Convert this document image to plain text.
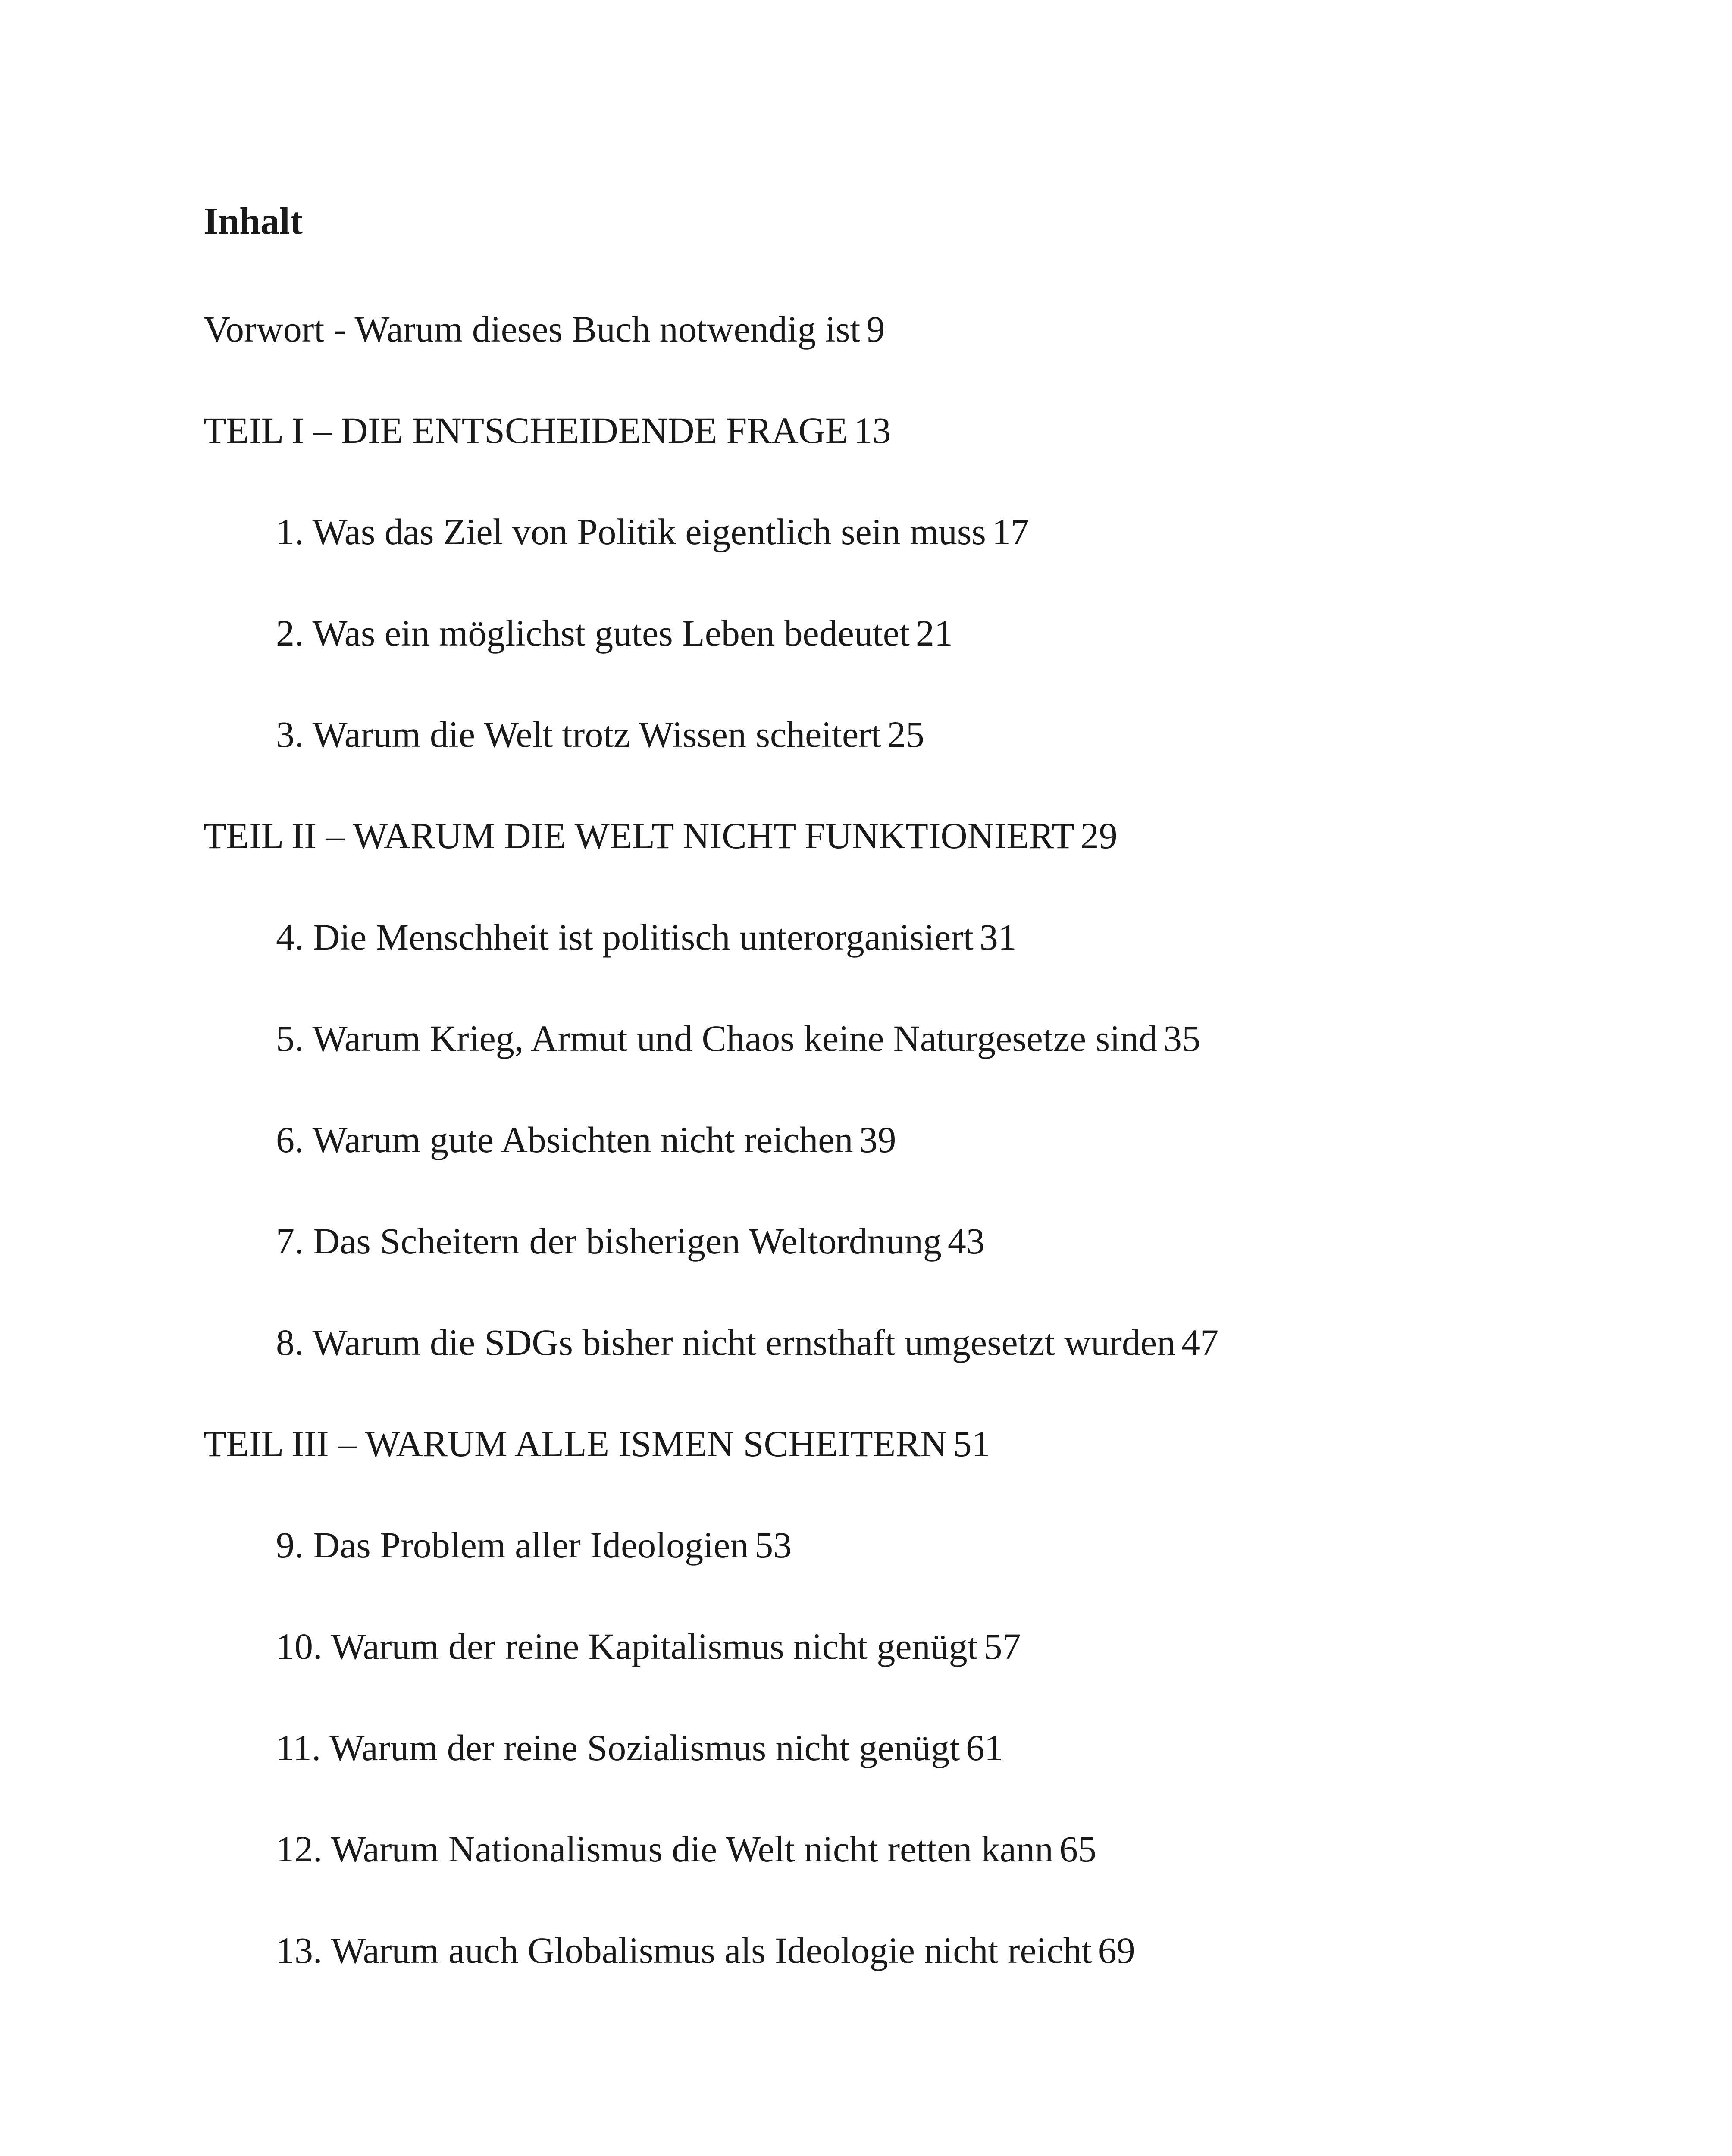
Inhalt
Vorwort - Warum dieses Buch notwendig ist 9
TEIL I – DIE ENTSCHEIDENDE FRAGE 13
1. Was das Ziel von Politik eigentlich sein muss 17
2. Was ein möglichst gutes Leben bedeutet 21
3. Warum die Welt trotz Wissen scheitert 25
TEIL II – WARUM DIE WELT NICHT FUNKTIONIERT 29
4. Die Menschheit ist politisch unterorganisiert 31
5. Warum Krieg, Armut und Chaos keine Naturgesetze sind 35
6. Warum gute Absichten nicht reichen 39
7. Das Scheitern der bisherigen Weltordnung 43
8. Warum die SDGs bisher nicht ernsthaft umgesetzt wurden 47
TEIL III – WARUM ALLE ISMEN SCHEITERN 51
9. Das Problem aller Ideologien 53
10. Warum der reine Kapitalismus nicht genügt 57
11. Warum der reine Sozialismus nicht genügt 61
12. Warum Nationalismus die Welt nicht retten kann 65
13. Warum auch Globalismus als Ideologie nicht reicht 69
